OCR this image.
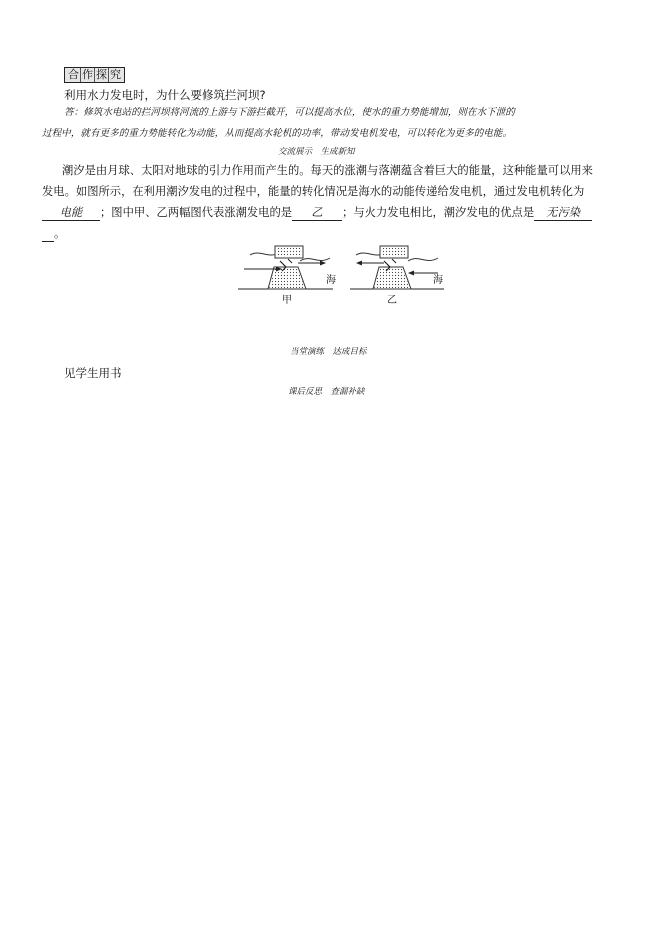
合 作 探 究
利用水力发电时，为什么要修筑拦河坝?
答：修筑水电站的拦河坝将河流的上游与下游拦截开，可以提高水位，使水的重力势能增加，则在水下泄的
过程中，就有更多的重力势能转化为动能，从而提高水轮机的功率，带动发电机发电，可以转化为更多的电能。
交流展示　生成新知
潮汐是由月球、太阳对地球的引力作用而产生的。每天的涨潮与落潮蕴含着巨大的能量，这种能量可以用来
发电。如图所示，在利用潮汐发电的过程中，能量的转化情况是海水的动能传递给发电机，通过发电机转化为
电能 ；图中甲、乙两幅图代表涨潮发电的是 乙 ；与火力发电相比，潮汐发电的优点是 无污染
。
海	海
甲	乙
当堂演练　达成目标
见学生用书
课后反思　查漏补缺
